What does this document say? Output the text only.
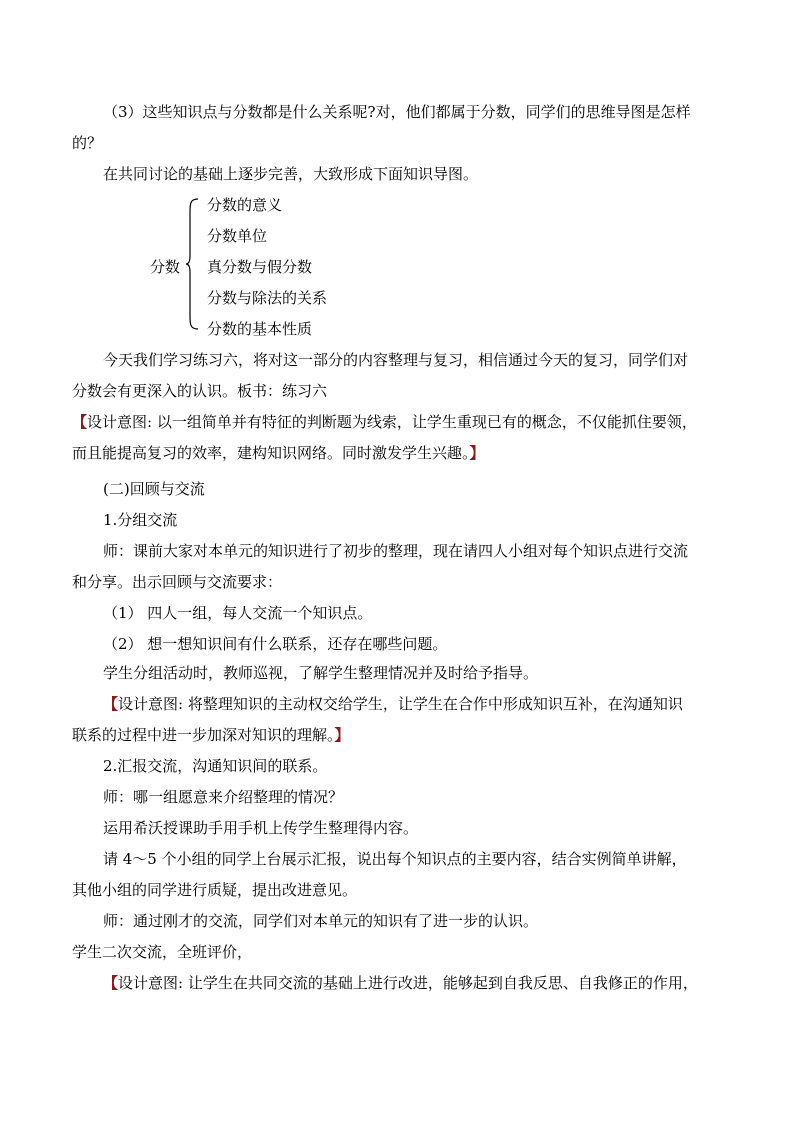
（3）这些知识点与分数都是什么关系呢?对，他们都属于分数，同学们的思维导图是怎样
的？
在共同讨论的基础上逐步完善，大致形成下面知识导图。
分数
分数的意义
分数单位
真分数与假分数
分数与除法的关系
分数的基本性质
今天我们学习练习六，将对这一部分的内容整理与复习，相信通过今天的复习，同学们对
分数会有更深入的认识。板书：练习六
【设计意图: 以一组简单并有特征的判断题为线索，让学生重现已有的概念，不仅能抓住要领，
而且能提高复习的效率，建构知识网络。同时激发学生兴趣。】
(二)回顾与交流
1.分组交流
师：课前大家对本单元的知识进行了初步的整理，现在请四人小组对每个知识点进行交流
和分享。出示回顾与交流要求：
（1） 四人一组，每人交流一个知识点。
（2） 想一想知识间有什么联系，还存在哪些问题。
学生分组活动时，教师巡视，了解学生整理情况并及时给予指导。
【设计意图: 将整理知识的主动权交给学生，让学生在合作中形成知识互补，在沟通知识
联系的过程中进一步加深对知识的理解。】
2.汇报交流，沟通知识间的联系。
师：哪一组愿意来介绍整理的情况？
运用希沃授课助手用手机上传学生整理得内容。
请 4～5 个小组的同学上台展示汇报，说出每个知识点的主要内容，结合实例简单讲解，
其他小组的同学进行质疑，提出改进意见。
师：通过刚才的交流，同学们对本单元的知识有了进一步的认识。
学生二次交流，全班评价，
【设计意图: 让学生在共同交流的基础上进行改进，能够起到自我反思、自我修正的作用，
